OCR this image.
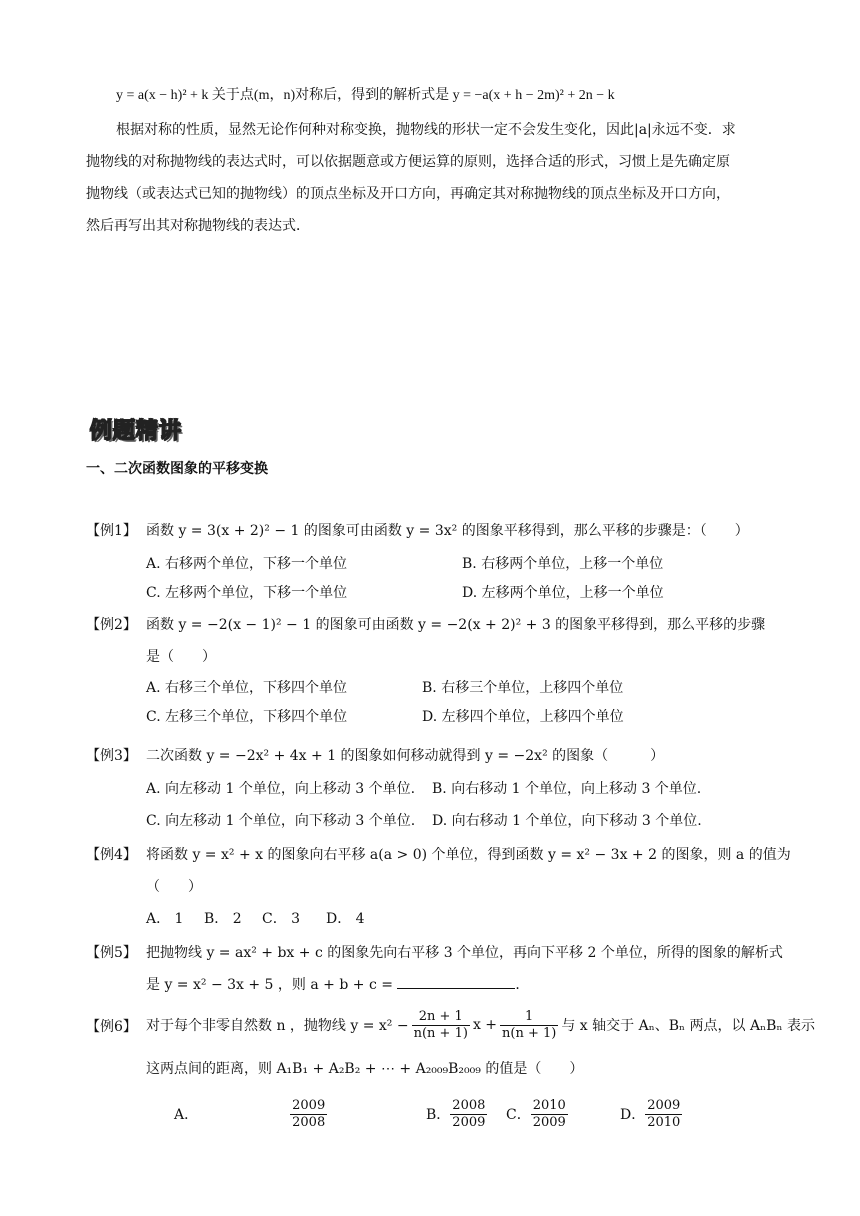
y = a(x − h)² + k 关于点(m，n)对称后，得到的解析式是 y = −a(x + h − 2m)² + 2n − k
根据对称的性质，显然无论作何种对称变换，抛物线的形状一定不会发生变化，因此|a|永远不变．求
抛物线的对称抛物线的表达式时，可以依据题意或方便运算的原则，选择合适的形式，习惯上是先确定原
抛物线（或表达式已知的抛物线）的顶点坐标及开口方向，再确定其对称抛物线的顶点坐标及开口方向，
然后再写出其对称抛物线的表达式．
例题精讲
一、二次函数图象的平移变换
【例1】 函数 y = 3(x + 2)² − 1 的图象可由函数 y = 3x² 的图象平移得到，那么平移的步骤是：（　　）
A. 右移两个单位，下移一个单位	B. 右移两个单位，上移一个单位
C. 左移两个单位，下移一个单位	D. 左移两个单位，上移一个单位
【例2】 函数 y = −2(x − 1)² − 1 的图象可由函数 y = −2(x + 2)² + 3 的图象平移得到，那么平移的步骤
是（　　）
A. 右移三个单位，下移四个单位	B. 右移三个单位，上移四个单位
C. 左移三个单位，下移四个单位	D. 左移四个单位，上移四个单位
【例3】 二次函数 y = −2x² + 4x + 1 的图象如何移动就得到 y = −2x² 的图象（　　　）
A. 向左移动 1 个单位，向上移动 3 个单位. B. 向右移动 1 个单位，向上移动 3 个单位.
C. 向左移动 1 个单位，向下移动 3 个单位. D. 向右移动 1 个单位，向下移动 3 个单位.
【例4】 将函数 y = x² + x 的图象向右平移 a(a > 0) 个单位，得到函数 y = x² − 3x + 2 的图象，则 a 的值为
（　　）
A． 1 B． 2 C． 3 D． 4
【例5】 把抛物线 y = ax² + bx + c 的图象先向右平移 3 个单位，再向下平移 2 个单位，所得的图象的解析式
是 y = x² − 3x + 5 ，则 a + b + c =	．
【例6】 对于每个非零自然数 n ，抛物线 $y = x^2 - \frac{2n + 1}{n(n + 1)}$ $x + \frac{1}{n(n + 1)}$ 与 x 轴交于 Aₙ、Bₙ 两点，以 AₙBₙ 表示
这两点间的距离，则 A₁B₁ + A₂B₂ + ⋯ + A₂₀₀₉B₂₀₀₉ 的值是（　　）
A．	$\frac{2009}{2008}$	B． $\frac{2008}{2009}$ C． $\frac{2010}{2009}$	D． $\frac{2009}{2010}$
